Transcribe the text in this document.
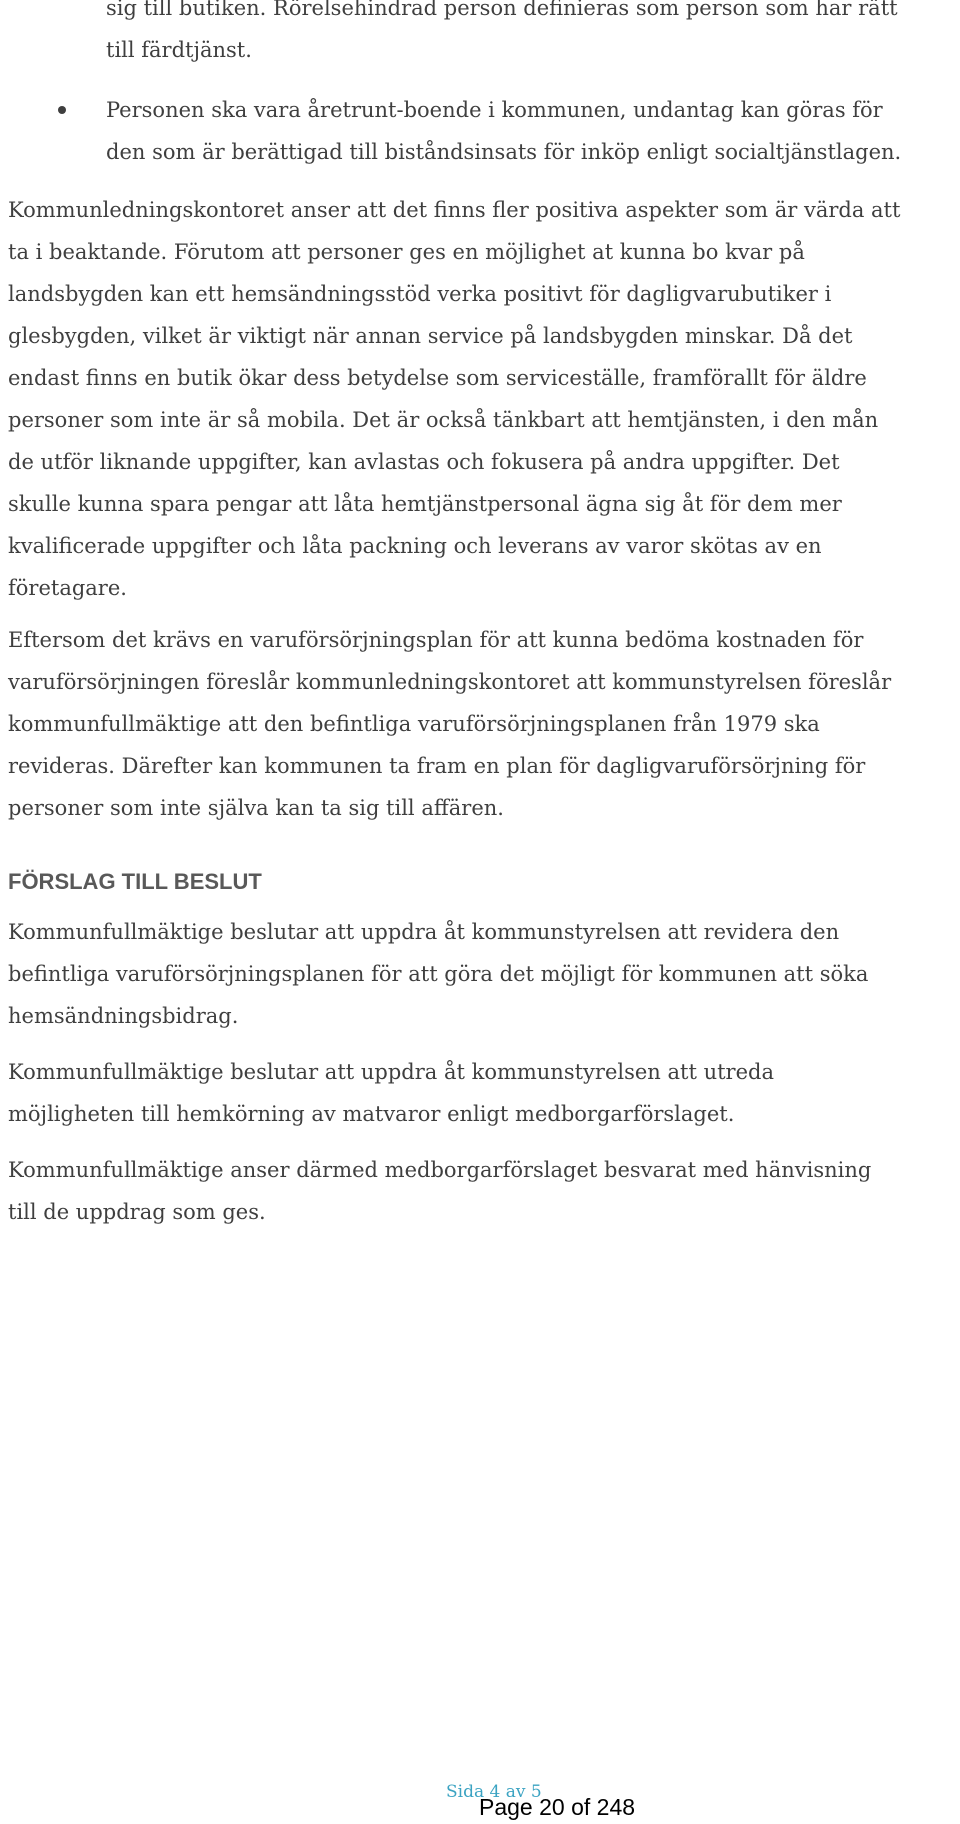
sig till butiken. Rörelsehindrad person definieras som person som har rätt
till färdtjänst.
Personen ska vara åretrunt-boende i kommunen, undantag kan göras för
den som är berättigad till biståndsinsats för inköp enligt socialtjänstlagen.
Kommunledningskontoret anser att det finns fler positiva aspekter som är värda att
ta i beaktande. Förutom att personer ges en möjlighet at kunna bo kvar på
landsbygden kan ett hemsändningsstöd verka positivt för dagligvarubutiker i
glesbygden, vilket är viktigt när annan service på landsbygden minskar. Då det
endast finns en butik ökar dess betydelse som serviceställe, framförallt för äldre
personer som inte är så mobila. Det är också tänkbart att hemtjänsten, i den mån
de utför liknande uppgifter, kan avlastas och fokusera på andra uppgifter. Det
skulle kunna spara pengar att låta hemtjänstpersonal ägna sig åt för dem mer
kvalificerade uppgifter och låta packning och leverans av varor skötas av en
företagare.
Eftersom det krävs en varuförsörjningsplan för att kunna bedöma kostnaden för
varuförsörjningen föreslår kommunledningskontoret att kommunstyrelsen föreslår
kommunfullmäktige att den befintliga varuförsörjningsplanen från 1979 ska
revideras. Därefter kan kommunen ta fram en plan för dagligvaruförsörjning för
personer som inte själva kan ta sig till affären.
FÖRSLAG TILL BESLUT
Kommunfullmäktige beslutar att uppdra åt kommunstyrelsen att revidera den
befintliga varuförsörjningsplanen för att göra det möjligt för kommunen att söka
hemsändningsbidrag.
Kommunfullmäktige beslutar att uppdra åt kommunstyrelsen att utreda
möjligheten till hemkörning av matvaror enligt medborgarförslaget.
Kommunfullmäktige anser därmed medborgarförslaget besvarat med hänvisning
till de uppdrag som ges.
Sida 4 av 5
Page 20 of 248
